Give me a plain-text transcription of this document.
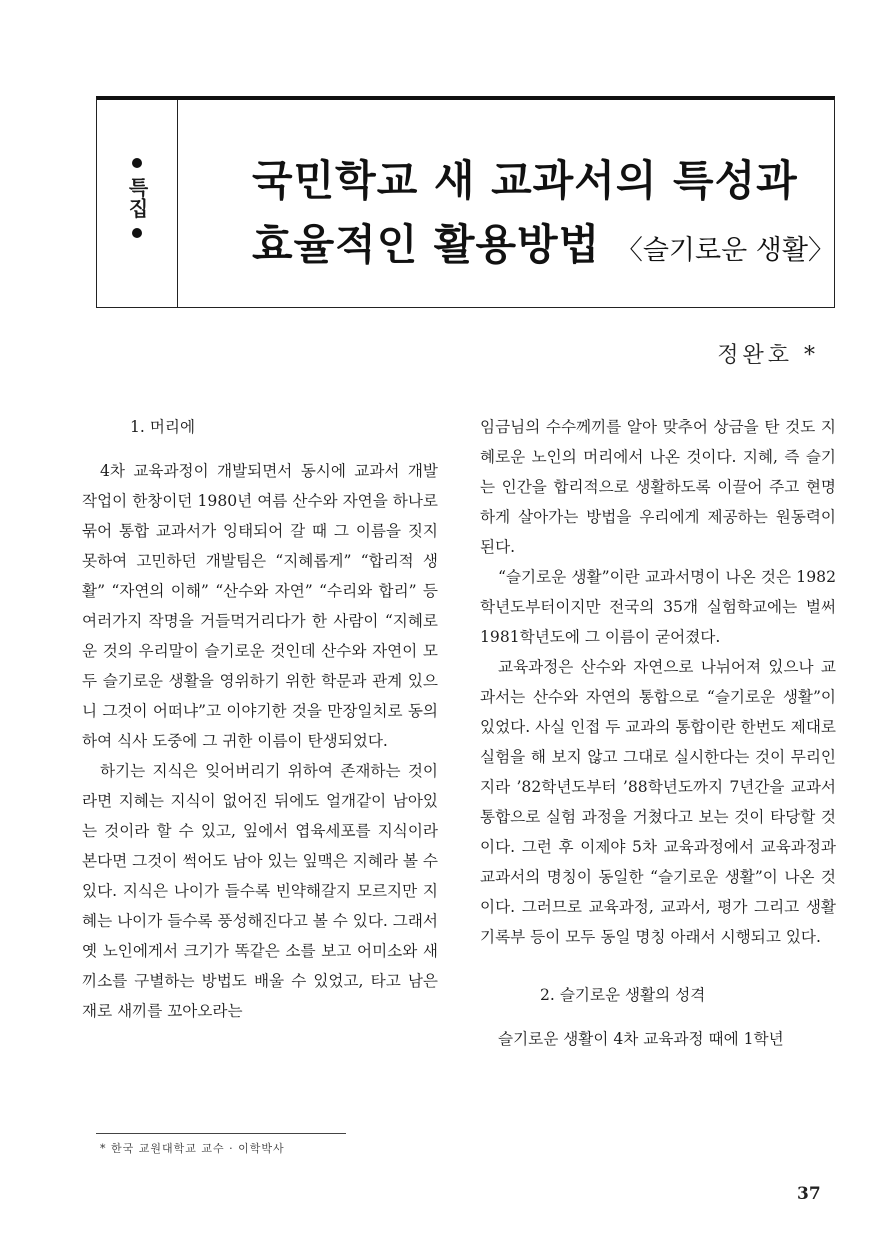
특집 국민학교 새 교과서의 특성과
효율적인 활용방법 〈슬기로운 생활〉
정완호 *
1. 머리에

4차 교육과정이 개발되면서 동시에 교과서 개발 작업이 한창이던 1980년 여름 산수와 자연을 하나로 묶어 통합 교과서가 잉태되어 갈 때 그 이름을 짓지 못하여 고민하던 개발팀은 “지혜롭게” “합리적 생활” “자연의 이해” “산수와 자연” “수리와 합리” 등 여러가지 작명을 거들먹거리다가 한 사람이 “지혜로운 것의 우리말이 슬기로운 것인데 산수와 자연이 모두 슬기로운 생활을 영위하기 위한 학문과 관계 있으니 그것이 어떠냐”고 이야기한 것을 만장일치로 동의하여 식사 도중에 그 귀한 이름이 탄생되었다.

하기는 지식은 잊어버리기 위하여 존재하는 것이라면 지혜는 지식이 없어진 뒤에도 얼개같이 남아있는 것이라 할 수 있고, 잎에서 엽육세포를 지식이라 본다면 그것이 썩어도 남아 있는 잎맥은 지혜라 볼 수 있다. 지식은 나이가 들수록 빈약해갈지 모르지만 지혜는 나이가 들수록 풍성해진다고 볼 수 있다. 그래서 옛 노인에게서 크기가 똑같은 소를 보고 어미소와 새끼소를 구별하는 방법도 배울 수 있었고, 타고 남은 재로 새끼를 꼬아오라는

임금님의 수수께끼를 알아 맞추어 상금을 탄 것도 지혜로운 노인의 머리에서 나온 것이다. 지혜, 즉 슬기는 인간을 합리적으로 생활하도록 이끌어 주고 현명하게 살아가는 방법을 우리에게 제공하는 원동력이 된다.

“슬기로운 생활”이란 교과서명이 나온 것은 1982학년도부터이지만 전국의 35개 실험학교에는 벌써 1981학년도에 그 이름이 굳어졌다.

교육과정은 산수와 자연으로 나뉘어져 있으나 교과서는 산수와 자연의 통합으로 “슬기로운 생활”이 있었다. 사실 인접 두 교과의 통합이란 한번도 제대로 실험을 해 보지 않고 그대로 실시한다는 것이 무리인지라 ’82학년도부터 ’88학년도까지 7년간을 교과서 통합으로 실험 과정을 거쳤다고 보는 것이 타당할 것이다. 그런 후 이제야 5차 교육과정에서 교육과정과 교과서의 명칭이 동일한 “슬기로운 생활”이 나온 것이다. 그러므로 교육과정, 교과서, 평가 그리고 생활기록부 등이 모두 동일 명칭 아래서 시행되고 있다.

2. 슬기로운 생활의 성격

슬기로운 생활이 4차 교육과정 때에 1학년

* 한국 교원대학교 교수 · 이학박사
37
